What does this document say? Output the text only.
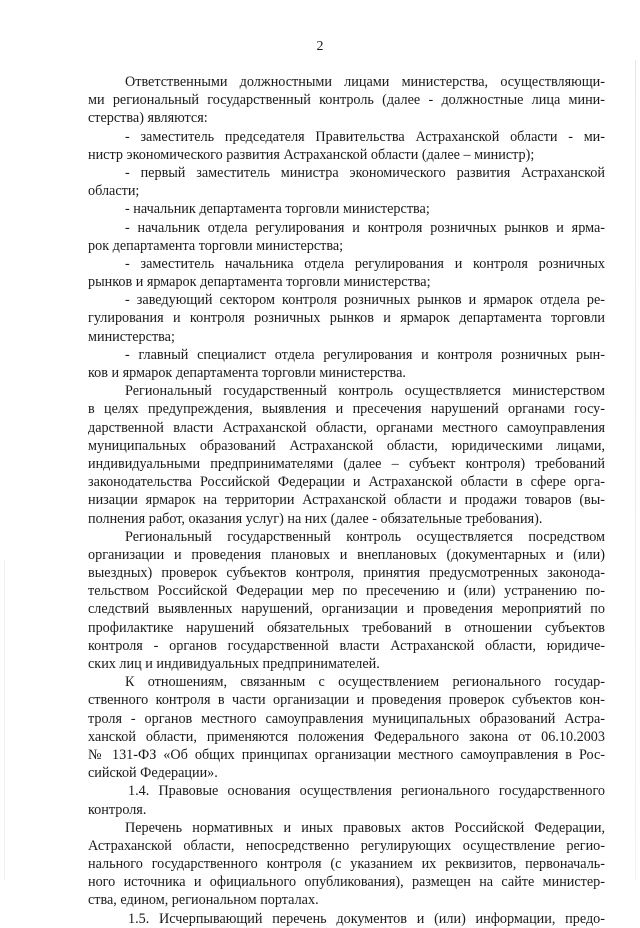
2
Ответственными должностными лицами министерства, осуществляющи-
ми региональный государственный контроль (далее - должностные лица мини-
стерства) являются:
- заместитель председателя Правительства Астраханской области - ми-
нистр экономического развития Астраханской области (далее – министр);
- первый заместитель министра экономического развития Астраханской
области;
- начальник департамента торговли министерства;
- начальник отдела регулирования и контроля розничных рынков и ярма-
рок департамента торговли министерства;
- заместитель начальника отдела регулирования и контроля розничных
рынков и ярмарок департамента торговли министерства;
- заведующий сектором контроля розничных рынков и ярмарок отдела ре-
гулирования и контроля розничных рынков и ярмарок департамента торговли
министерства;
- главный специалист отдела регулирования и контроля розничных рын-
ков и ярмарок департамента торговли министерства.
Региональный государственный контроль осуществляется министерством
в целях предупреждения, выявления и пресечения нарушений органами госу-
дарственной власти Астраханской области, органами местного самоуправления
муниципальных образований Астраханской области, юридическими лицами,
индивидуальными предпринимателями (далее – субъект контроля) требований
законодательства Российской Федерации и Астраханской области в сфере орга-
низации ярмарок на территории Астраханской области и продажи товаров (вы-
полнения работ, оказания услуг) на них (далее - обязательные требования).
Региональный государственный контроль осуществляется посредством
организации и проведения плановых и внеплановых (документарных и (или)
выездных) проверок субъектов контроля, принятия предусмотренных законода-
тельством Российской Федерации мер по пресечению и (или) устранению по-
следствий выявленных нарушений, организации и проведения мероприятий по
профилактике нарушений обязательных требований в отношении субъектов
контроля - органов государственной власти Астраханской области, юридиче-
ских лиц и индивидуальных предпринимателей.
К отношениям, связанным с осуществлением регионального государ-
ственного контроля в части организации и проведения проверок субъектов кон-
троля - органов местного самоуправления муниципальных образований Астра-
ханской области, применяются положения Федерального закона от 06.10.2003
№ 131-ФЗ «Об общих принципах организации местного самоуправления в Рос-
сийской Федерации».
1.4. Правовые основания осуществления регионального государственного
контроля.
Перечень нормативных и иных правовых актов Российской Федерации,
Астраханской области, непосредственно регулирующих осуществление регио-
нального государственного контроля (с указанием их реквизитов, первоначаль-
ного источника и официального опубликования), размещен на сайте министер-
ства, едином, региональном порталах.
1.5. Исчерпывающий перечень документов и (или) информации, предо-
